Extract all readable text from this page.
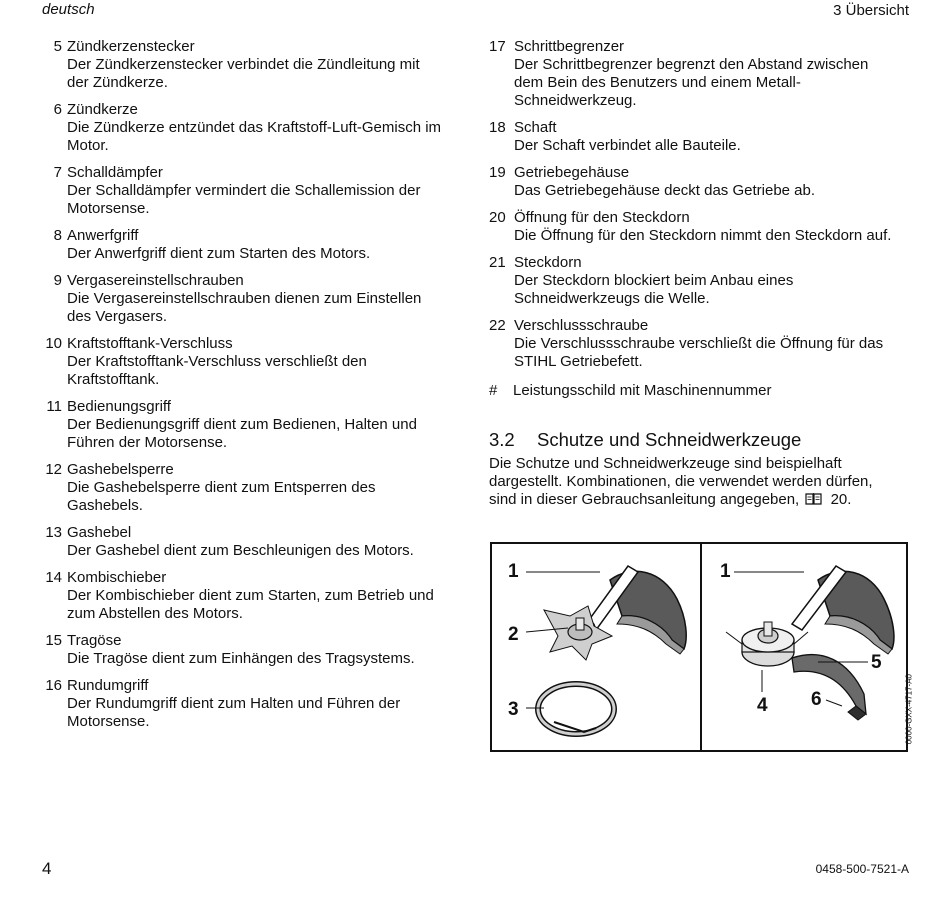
deutsch	3 Übersicht
5 Zündkerzenstecker
Der Zündkerzenstecker verbindet die Zündleitung mit
der Zündkerze.
6 Zündkerze
Die Zündkerze entzündet das Kraftstoff-Luft-Gemisch im
Motor.
7 Schalldämpfer
Der Schalldämpfer vermindert die Schallemission der
Motorsense.
8 Anwerfgriff
Der Anwerfgriff dient zum Starten des Motors.
9 Vergasereinstellschrauben
Die Vergasereinstellschrauben dienen zum Einstellen
des Vergasers.
10 Kraftstofftank-Verschluss
Der Kraftstofftank-Verschluss verschließt den
Kraftstofftank.
11 Bedienungsgriff
Der Bedienungsgriff dient zum Bedienen, Halten und
Führen der Motorsense.
12 Gashebelsperre
Die Gashebelsperre dient zum Entsperren des
Gashebels.
13 Gashebel
Der Gashebel dient zum Beschleunigen des Motors.
14 Kombischieber
Der Kombischieber dient zum Starten, zum Betrieb und
zum Abstellen des Motors.
15 Tragöse
Die Tragöse dient zum Einhängen des Tragsystems.
16 Rundumgriff
Der Rundumgriff dient zum Halten und Führen der
Motorsense.
17 Schrittbegrenzer
Der Schrittbegrenzer begrenzt den Abstand zwischen
dem Bein des Benutzers und einem Metall-
Schneidwerkzeug.
18 Schaft
Der Schaft verbindet alle Bauteile.
19 Getriebegehäuse
Das Getriebegehäuse deckt das Getriebe ab.
20 Öffnung für den Steckdorn
Die Öffnung für den Steckdorn nimmt den Steckdorn auf.
21 Steckdorn
Der Steckdorn blockiert beim Anbau eines
Schneidwerkzeugs die Welle.
22 Verschlussschraube
Die Verschlussschraube verschließt die Öffnung für das
STIHL Getriebefett.
#	Leistungsschild mit Maschinennummer
3.2	Schutze und Schneidwerkzeuge
Die Schutze und Schneidwerkzeuge sind beispielhaft
dargestellt. Kombinationen, die verwendet werden dürfen,
sind in dieser Gebrauchsanleitung angegeben, 20.
1
2
3
1
5
4 6	0000-GXX-4717-A0
4	0458-500-7521-A
